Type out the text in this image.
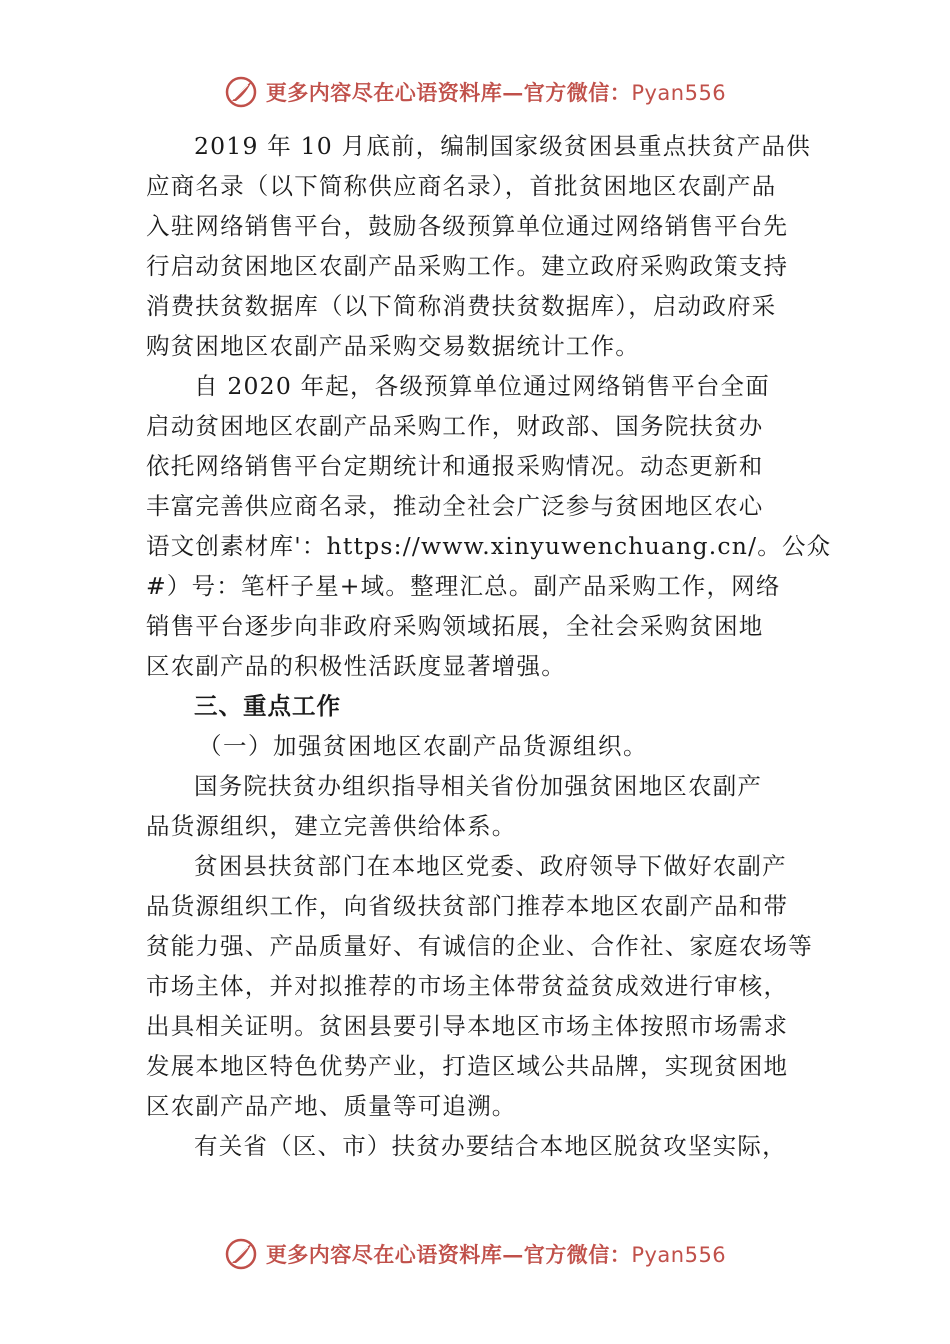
更多内容尽在心语资料库—官方微信：Pyan556

2019 年 10 月底前，编制国家级贫困县重点扶贫产品供

应商名录（以下简称供应商名录），首批贫困地区农副产品

入驻网络销售平台，鼓励各级预算单位通过网络销售平台先

行启动贫困地区农副产品采购工作。建立政府采购政策支持

消费扶贫数据库（以下简称消费扶贫数据库），启动政府采

购贫困地区农副产品采购交易数据统计工作。

自 2020 年起，各级预算单位通过网络销售平台全面

启动贫困地区农副产品采购工作，财政部、国务院扶贫办

依托网络销售平台定期统计和通报采购情况。动态更新和

丰富完善供应商名录，推动全社会广泛参与贫困地区农心

语文创素材库'：https://www.xinyuwenchuang.cn/。公众

#）号：笔杆子星+域。整理汇总。副产品采购工作，网络

销售平台逐步向非政府采购领域拓展，全社会采购贫困地

区农副产品的积极性活跃度显著增强。

三、重点工作

（一）加强贫困地区农副产品货源组织。

国务院扶贫办组织指导相关省份加强贫困地区农副产

品货源组织，建立完善供给体系。

贫困县扶贫部门在本地区党委、政府领导下做好农副产

品货源组织工作，向省级扶贫部门推荐本地区农副产品和带

贫能力强、产品质量好、有诚信的企业、合作社、家庭农场等

市场主体，并对拟推荐的市场主体带贫益贫成效进行审核，

出具相关证明。贫困县要引导本地区市场主体按照市场需求

发展本地区特色优势产业，打造区域公共品牌，实现贫困地

区农副产品产地、质量等可追溯。

有关省（区、市）扶贫办要结合本地区脱贫攻坚实际，

更多内容尽在心语资料库—官方微信：Pyan556
